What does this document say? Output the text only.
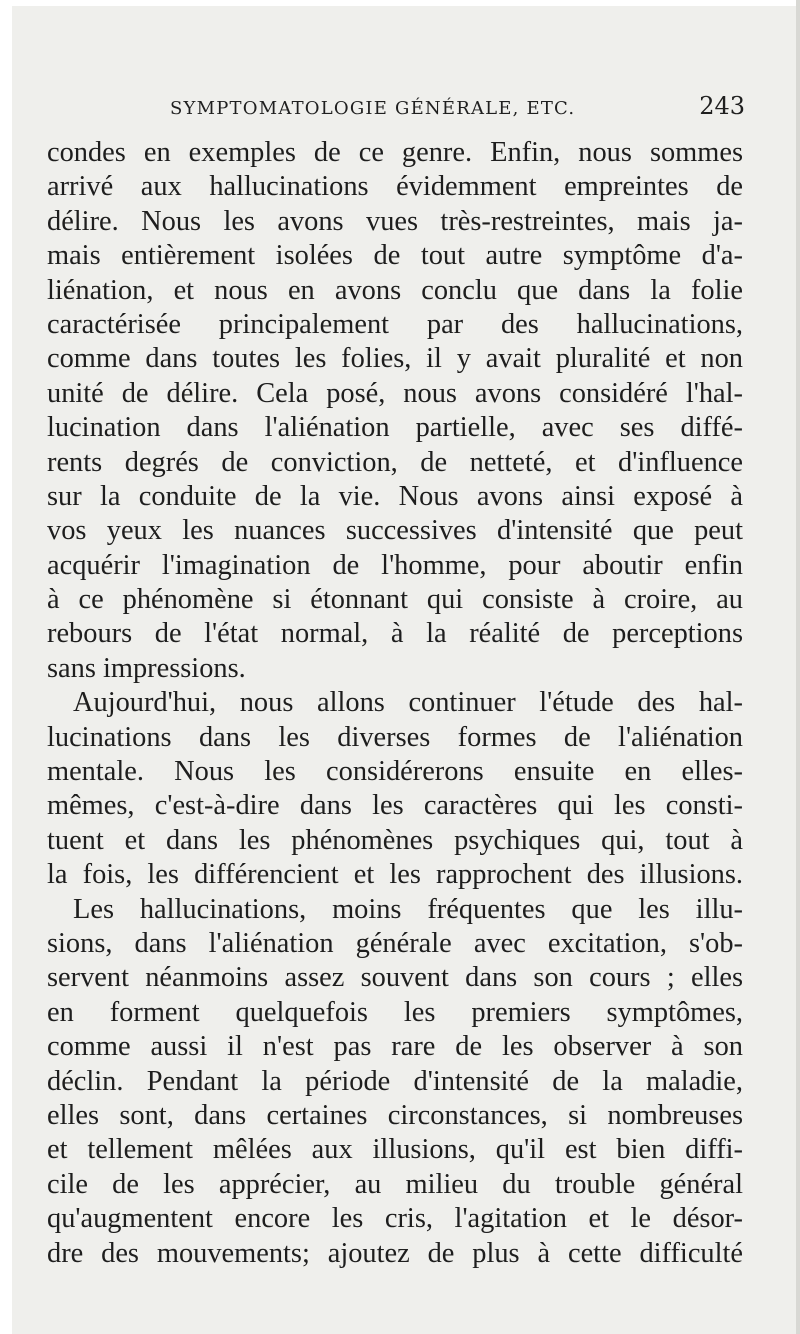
SYMPTOMATOLOGIE GÉNÉRALE, ETC.	243
condes en exemples de ce genre. Enfin, nous sommes
arrivé aux hallucinations évidemment empreintes de
délire. Nous les avons vues très-restreintes, mais ja-
mais entièrement isolées de tout autre symptôme d'a-
liénation, et nous en avons conclu que dans la folie
caractérisée principalement par des hallucinations,
comme dans toutes les folies, il y avait pluralité et non
unité de délire. Cela posé, nous avons considéré l'hal-
lucination dans l'aliénation partielle, avec ses diffé-
rents degrés de conviction, de netteté, et d'influence
sur la conduite de la vie. Nous avons ainsi exposé à
vos yeux les nuances successives d'intensité que peut
acquérir l'imagination de l'homme, pour aboutir enfin
à ce phénomène si étonnant qui consiste à croire, au
rebours de l'état normal, à la réalité de perceptions
sans impressions.
Aujourd'hui, nous allons continuer l'étude des hal-
lucinations dans les diverses formes de l'aliénation
mentale. Nous les considérerons ensuite en elles-
mêmes, c'est-à-dire dans les caractères qui les consti-
tuent et dans les phénomènes psychiques qui, tout à
la fois, les différencient et les rapprochent des illusions.
Les hallucinations, moins fréquentes que les illu-
sions, dans l'aliénation générale avec excitation, s'ob-
servent néanmoins assez souvent dans son cours ; elles
en forment quelquefois les premiers symptômes,
comme aussi il n'est pas rare de les observer à son
déclin. Pendant la période d'intensité de la maladie,
elles sont, dans certaines circonstances, si nombreuses
et tellement mêlées aux illusions, qu'il est bien diffi-
cile de les apprécier, au milieu du trouble général
qu'augmentent encore les cris, l'agitation et le désor-
dre des mouvements; ajoutez de plus à cette difficulté
